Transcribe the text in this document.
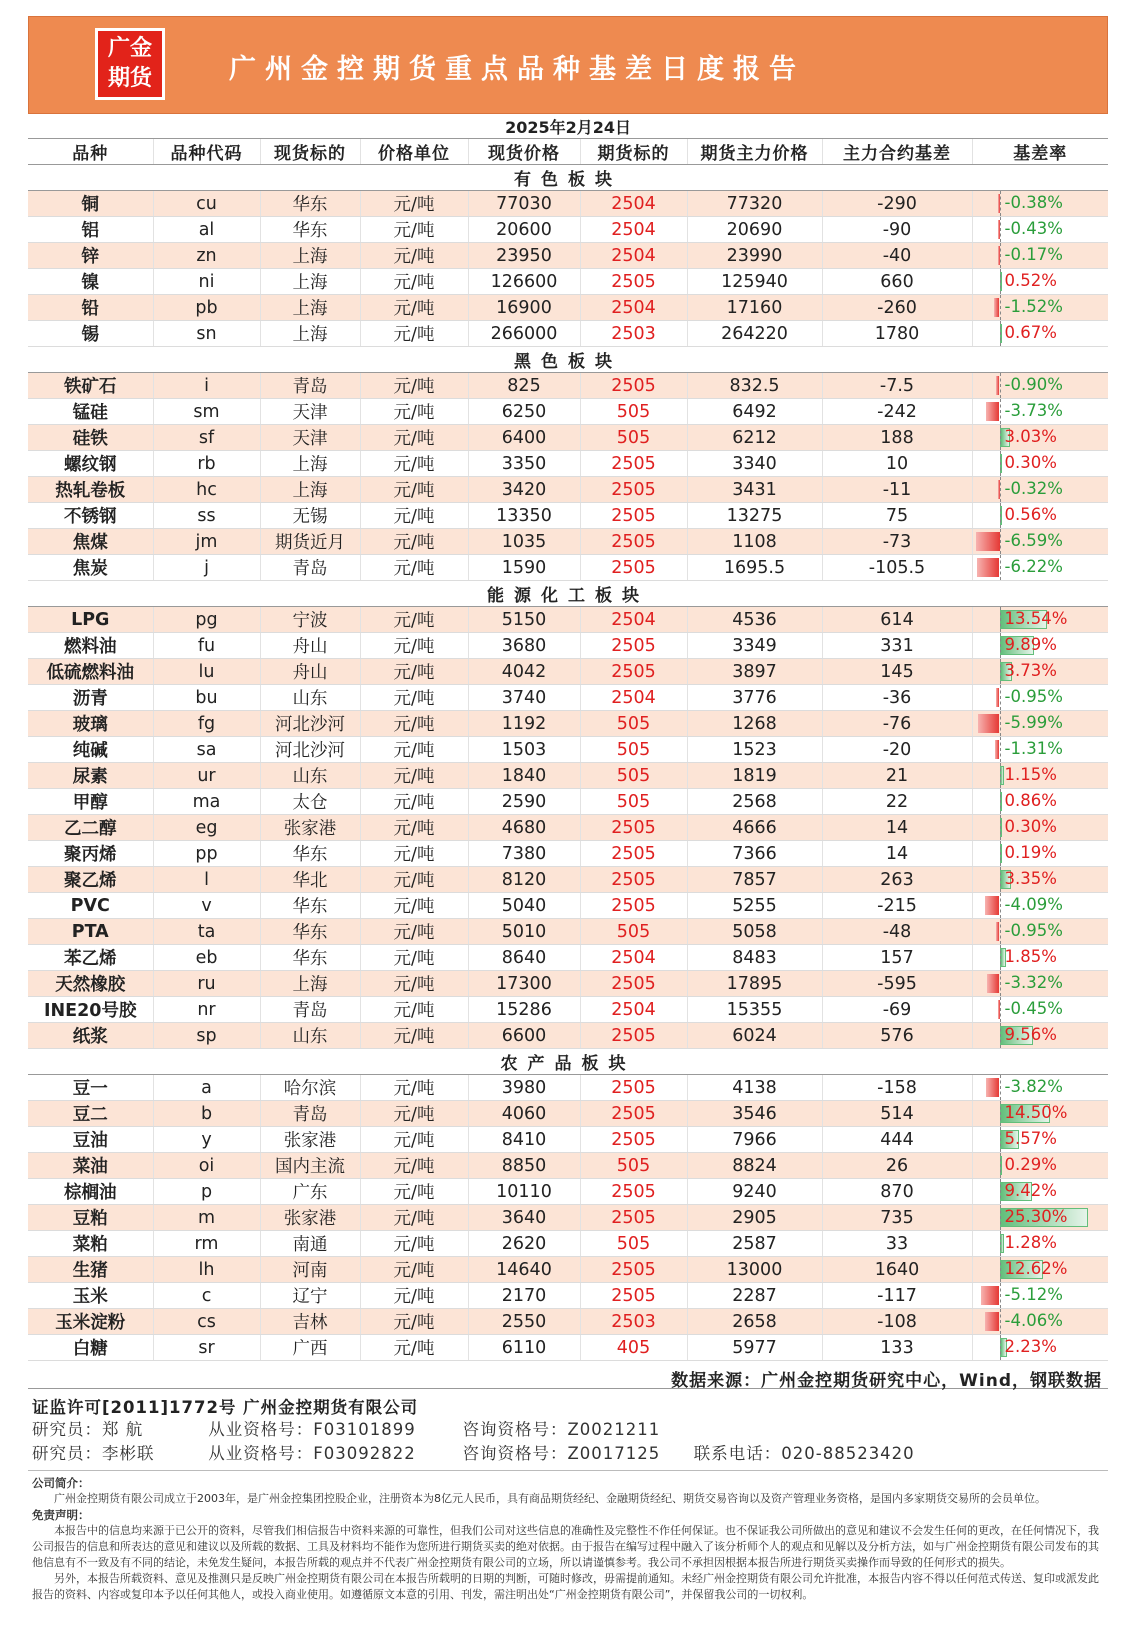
广金
期货	广州金控期货重点品种基差日度报告
2025年2月24日								
品种	品种代码	现货标的	价格单位	现货价格	期货标的	期货主力价格	主力合约基差	基差率
有色板块								
铜	cu	华东	元/吨	77030	2504	77320	-290	-0.38%

铝	al	华东	元/吨	20600	2504	20690	-90	-0.43%

锌	zn	上海	元/吨	23950	2504	23990	-40	-0.17%

镍	ni	上海	元/吨	126600	2505	125940	660	0.52%

铅	pb	上海	元/吨	16900	2504	17160	-260	-1.52%

锡	sn	上海	元/吨	266000	2503	264220	1780	0.67%

黑色板块								
铁矿石	i	青岛	元/吨	825	2505	832.5	-7.5	-0.90%

锰硅	sm	天津	元/吨	6250	505	6492	-242	-3.73%

硅铁	sf	天津	元/吨	6400	505	6212	188	3.03%

螺纹钢	rb	上海	元/吨	3350	2505	3340	10	0.30%

热轧卷板	hc	上海	元/吨	3420	2505	3431	-11	-0.32%

不锈钢	ss	无锡	元/吨	13350	2505	13275	75	0.56%

焦煤	jm	期货近月	元/吨	1035	2505	1108	-73	-6.59%

焦炭	j	青岛	元/吨	1590	2505	1695.5	-105.5	-6.22%

能源化工板块								
LPG	pg	宁波	元/吨	5150	2504	4536	614	13.54%

燃料油	fu	舟山	元/吨	3680	2505	3349	331	9.89%

低硫燃料油	lu	舟山	元/吨	4042	2505	3897	145	3.73%

沥青	bu	山东	元/吨	3740	2504	3776	-36	-0.95%

玻璃	fg	河北沙河	元/吨	1192	505	1268	-76	-5.99%

纯碱	sa	河北沙河	元/吨	1503	505	1523	-20	-1.31%

尿素	ur	山东	元/吨	1840	505	1819	21	1.15%

甲醇	ma	太仓	元/吨	2590	505	2568	22	0.86%

乙二醇	eg	张家港	元/吨	4680	2505	4666	14	0.30%

聚丙烯	pp	华东	元/吨	7380	2505	7366	14	0.19%

聚乙烯	l	华北	元/吨	8120	2505	7857	263	3.35%

PVC	v	华东	元/吨	5040	2505	5255	-215	-4.09%

PTA	ta	华东	元/吨	5010	505	5058	-48	-0.95%

苯乙烯	eb	华东	元/吨	8640	2504	8483	157	1.85%

天然橡胶	ru	上海	元/吨	17300	2505	17895	-595	-3.32%

INE20号胶	nr	青岛	元/吨	15286	2504	15355	-69	-0.45%

纸浆	sp	山东	元/吨	6600	2505	6024	576	9.56%

农产品板块								
豆一	a	哈尔滨	元/吨	3980	2505	4138	-158	-3.82%

豆二	b	青岛	元/吨	4060	2505	3546	514	14.50%

豆油	y	张家港	元/吨	8410	2505	7966	444	5.57%

菜油	oi	国内主流	元/吨	8850	505	8824	26	0.29%

棕榈油	p	广东	元/吨	10110	2505	9240	870	9.42%

豆粕	m	张家港	元/吨	3640	2505	2905	735	25.30%

菜粕	rm	南通	元/吨	2620	505	2587	33	1.28%

生猪	lh	河南	元/吨	14640	2505	13000	1640	12.62%

玉米	c	辽宁	元/吨	2170	2505	2287	-117	-5.12%

玉米淀粉	cs	吉林	元/吨	2550	2503	2658	-108	-4.06%

白糖	sr	广西	元/吨	6110	405	5977	133	2.23%
数据来源：广州金控期货研究中心，Wind，钢联数据
证监许可[2011]1772号 广州金控期货有限公司
研究员：郑 航	从业资格号：F03101899	咨询资格号：Z0021211
研究员：李彬联	从业资格号：F03092822	咨询资格号：Z0017125 联系电话：020-88523420
公司简介：

广州金控期货有限公司成立于2003年，是广州金控集团控股企业，注册资本为8亿元人民币，具有商品期货经纪、金融期货经纪、期货交易咨询以及资产管理业务资格，是国内多家期货交易所的会员单位。

免责声明：

本报告中的信息均来源于已公开的资料，尽管我们相信报告中资料来源的可靠性，但我们公司对这些信息的准确性及完整性不作任何保证。也不保证我公司所做出的意见和建议不会发生任何的更改，在任何情况下，我公司报告的信息和所表达的意见和建议以及所载的数据、工具及材料均不能作为您所进行期货买卖的绝对依据。由于报告在编写过程中融入了该分析师个人的观点和见解以及分析方法，如与广州金控期货有限公司发布的其他信息有不一致及有不同的结论，未免发生疑问，本报告所载的观点并不代表广州金控期货有限公司的立场，所以请谨慎参考。我公司不承担因根据本报告所进行期货买卖操作而导致的任何形式的损失。

另外，本报告所载资料、意见及推测只是反映广州金控期货有限公司在本报告所载明的日期的判断，可随时修改，毋需提前通知。未经广州金控期货有限公司允许批准，本报告内容不得以任何范式传送、复印或派发此报告的资料、内容或复印本予以任何其他人，或投入商业使用。如遵循原文本意的引用、刊发，需注明出处“广州金控期货有限公司”，并保留我公司的一切权利。
